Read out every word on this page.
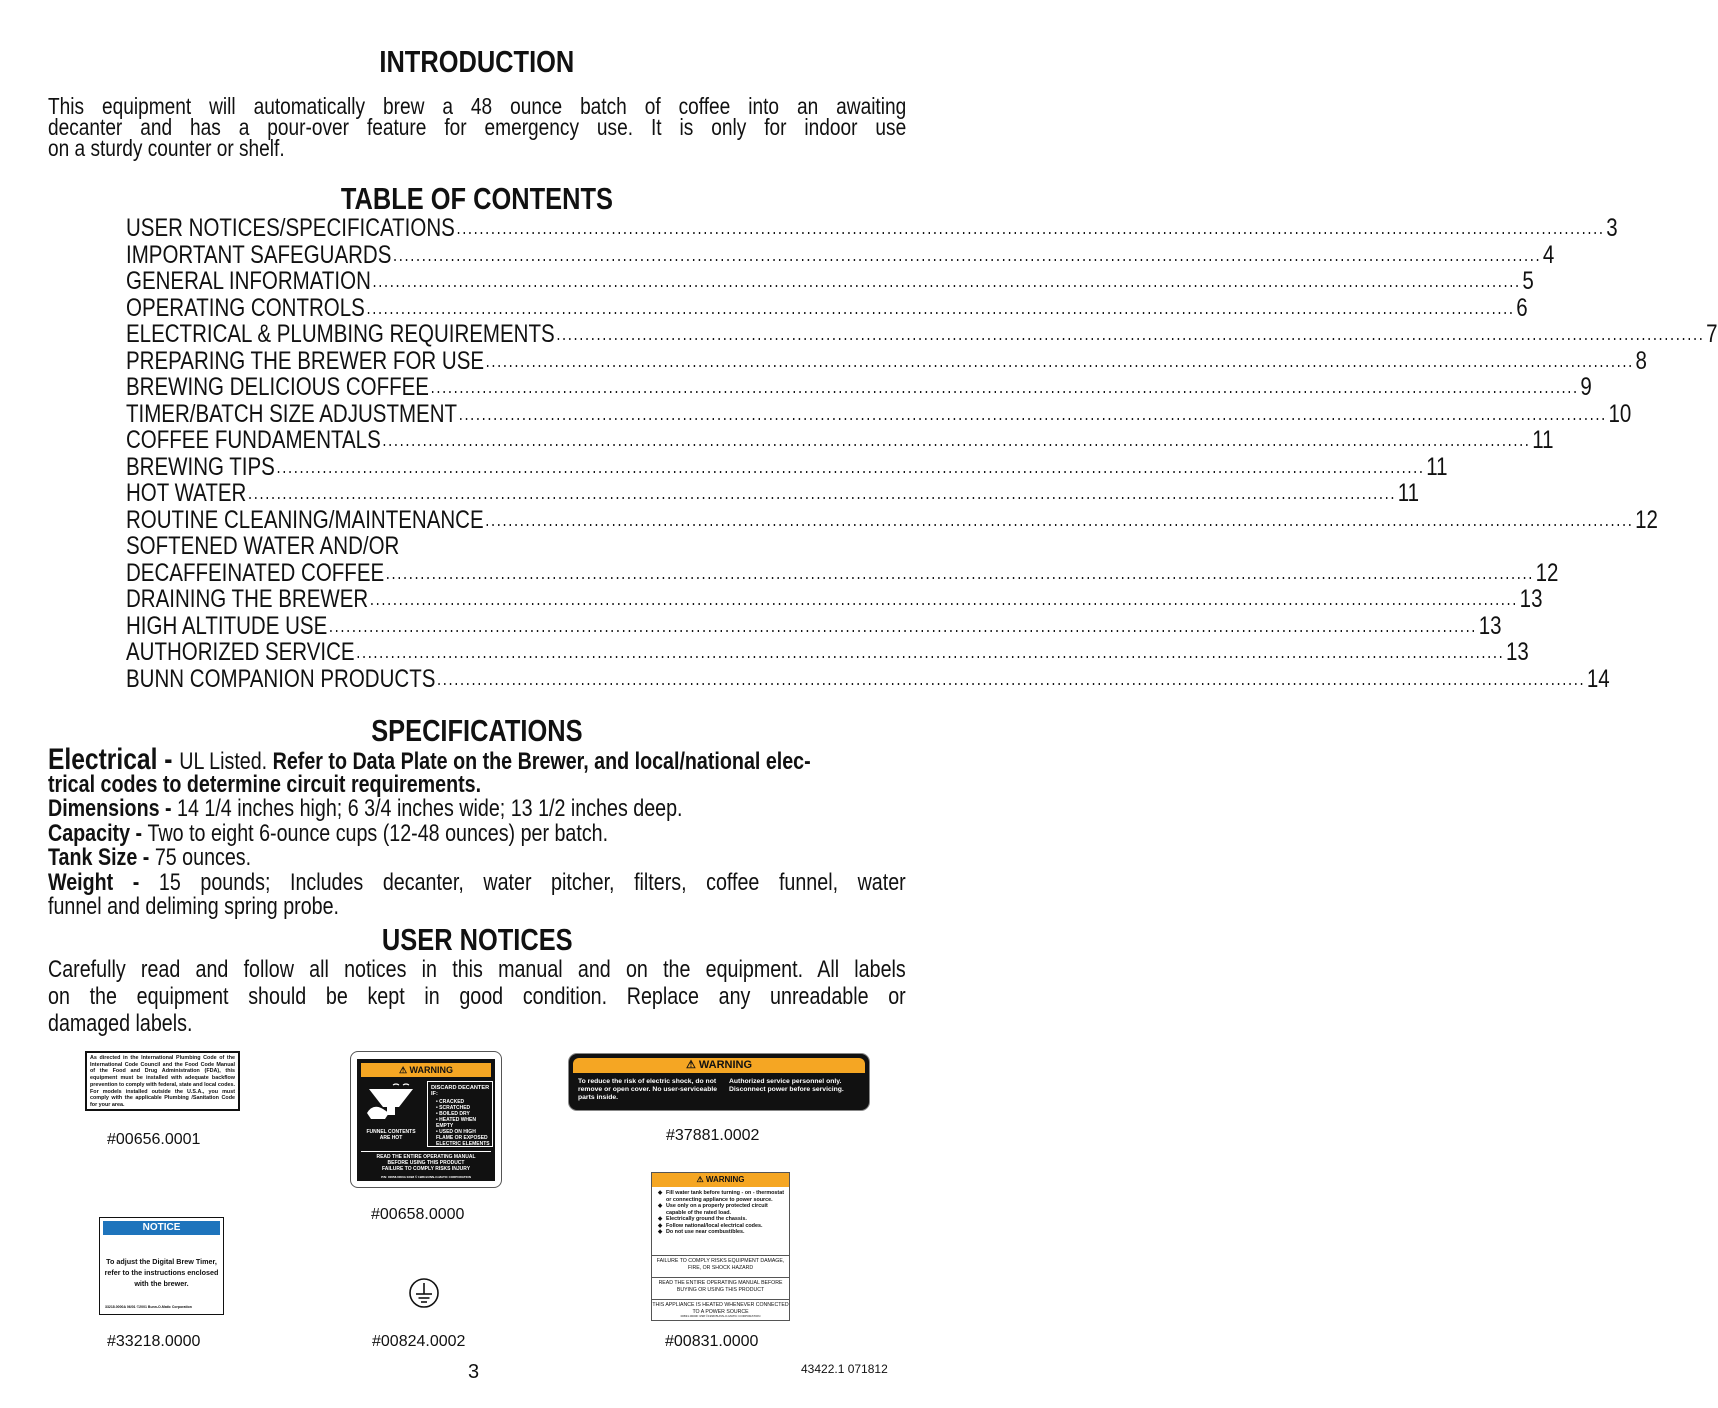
INTRODUCTION
This equipment will automatically brew a 48 ounce batch of coffee into an awaiting
decanter and has a pour-over feature for emergency use. It is only for indoor use
on a sturdy counter or shelf.
TABLE OF CONTENTS
USER NOTICES/SPECIFICATIONS ........................................................................................................................................................................................................ 3
IMPORTANT SAFEGUARDS ........................................................................................................................................................................................................ 4
GENERAL INFORMATION ........................................................................................................................................................................................................ 5
OPERATING CONTROLS ........................................................................................................................................................................................................ 6
ELECTRICAL & PLUMBING REQUIREMENTS ........................................................................................................................................................................................................ 7
PREPARING THE BREWER FOR USE ........................................................................................................................................................................................................ 8
BREWING DELICIOUS COFFEE ........................................................................................................................................................................................................ 9
TIMER/BATCH SIZE ADJUSTMENT ........................................................................................................................................................................................................ 10
COFFEE FUNDAMENTALS ........................................................................................................................................................................................................ 11
BREWING TIPS ........................................................................................................................................................................................................ 11
HOT WATER ........................................................................................................................................................................................................ 11
ROUTINE CLEANING/MAINTENANCE ........................................................................................................................................................................................................ 12
SOFTENED WATER AND/OR
DECAFFEINATED COFFEE ........................................................................................................................................................................................................ 12
DRAINING THE BREWER ........................................................................................................................................................................................................ 13
HIGH ALTITUDE USE ........................................................................................................................................................................................................ 13
AUTHORIZED SERVICE ........................................................................................................................................................................................................ 13
BUNN COMPANION PRODUCTS ........................................................................................................................................................................................................ 14
SPECIFICATIONS
Electrical - UL Listed. Refer to Data Plate on the Brewer, and local/national elec-
trical codes to determine circuit requirements.
Dimensions - 14 1/4 inches high; 6 3/4 inches wide; 13 1/2 inches deep.
Capacity - Two to eight 6-ounce cups (12-48 ounces) per batch.
Tank Size - 75 ounces.
Weight - 15 pounds; Includes decanter, water pitcher, filters, coffee funnel, water
funnel and deliming spring probe.
USER NOTICES
Carefully read and follow all notices in this manual and on the equipment. All labels
on the equipment should be kept in good condition. Replace any unreadable or
damaged labels.
As directed in the International Plumbing Code of the International Code Council and the Food Code Manual of the Food and Drug Administration (FDA), this equipment must be installed with adequate backflow prevention to comply with federal, state and local codes. For models installed outside the U.S.A., you must comply with the applicable Plumbing /Sanitation Code for your area.
#00656.0001
⚠ WARNING
FUNNEL CONTENTS ARE HOT
DISCARD DECANTER IF:
• CRACKED
• SCRATCHED
• BOILED DRY
• HEATED WHEN EMPTY
• USED ON HIGH FLAME OR EXPOSED ELECTRIC ELEMENTS
READ THE ENTIRE OPERATING MANUAL
BEFORE USING THIS PRODUCT
FAILURE TO COMPLY RISKS INJURY
P/N: 00658.0000A 03/98 © 1988 BUNN-O-MATIC CORPORATION
#00658.0000
⚠ WARNING
To reduce the risk of electric shock, do not remove or open cover. No user-serviceable parts inside.
Authorized service personnel only. Disconnect power before servicing.
#37881.0002
NOTICE
To adjust the Digital Brew Timer, refer to the instructions enclosed with the brewer.
33218.0000A 06/01 ©2001 Bunn-O-Matic Corporation
#33218.0000	#00824.0002
⚠ WARNING
◆ Fill water tank before turning - on - thermostat or connecting appliance to power source.
◆ Use only on a properly protected circuit capable of the rated load.
◆ Electrically ground the chassis.
◆ Follow national/local electrical codes.
◆ Do not use near combustibles.
FAILURE TO COMPLY RISKS EQUIPMENT DAMAGE, FIRE, OR SHOCK HAZARD
READ THE ENTIRE OPERATING MANUAL BEFORE BUYING OR USING THIS PRODUCT
THIS APPLIANCE IS HEATED WHENEVER CONNECTED TO A POWER SOURCE
00831.0000F 3/98 ©1998 BUNN-O-MATIC CORPORATION
#00831.0000
3	43422.1 071812
